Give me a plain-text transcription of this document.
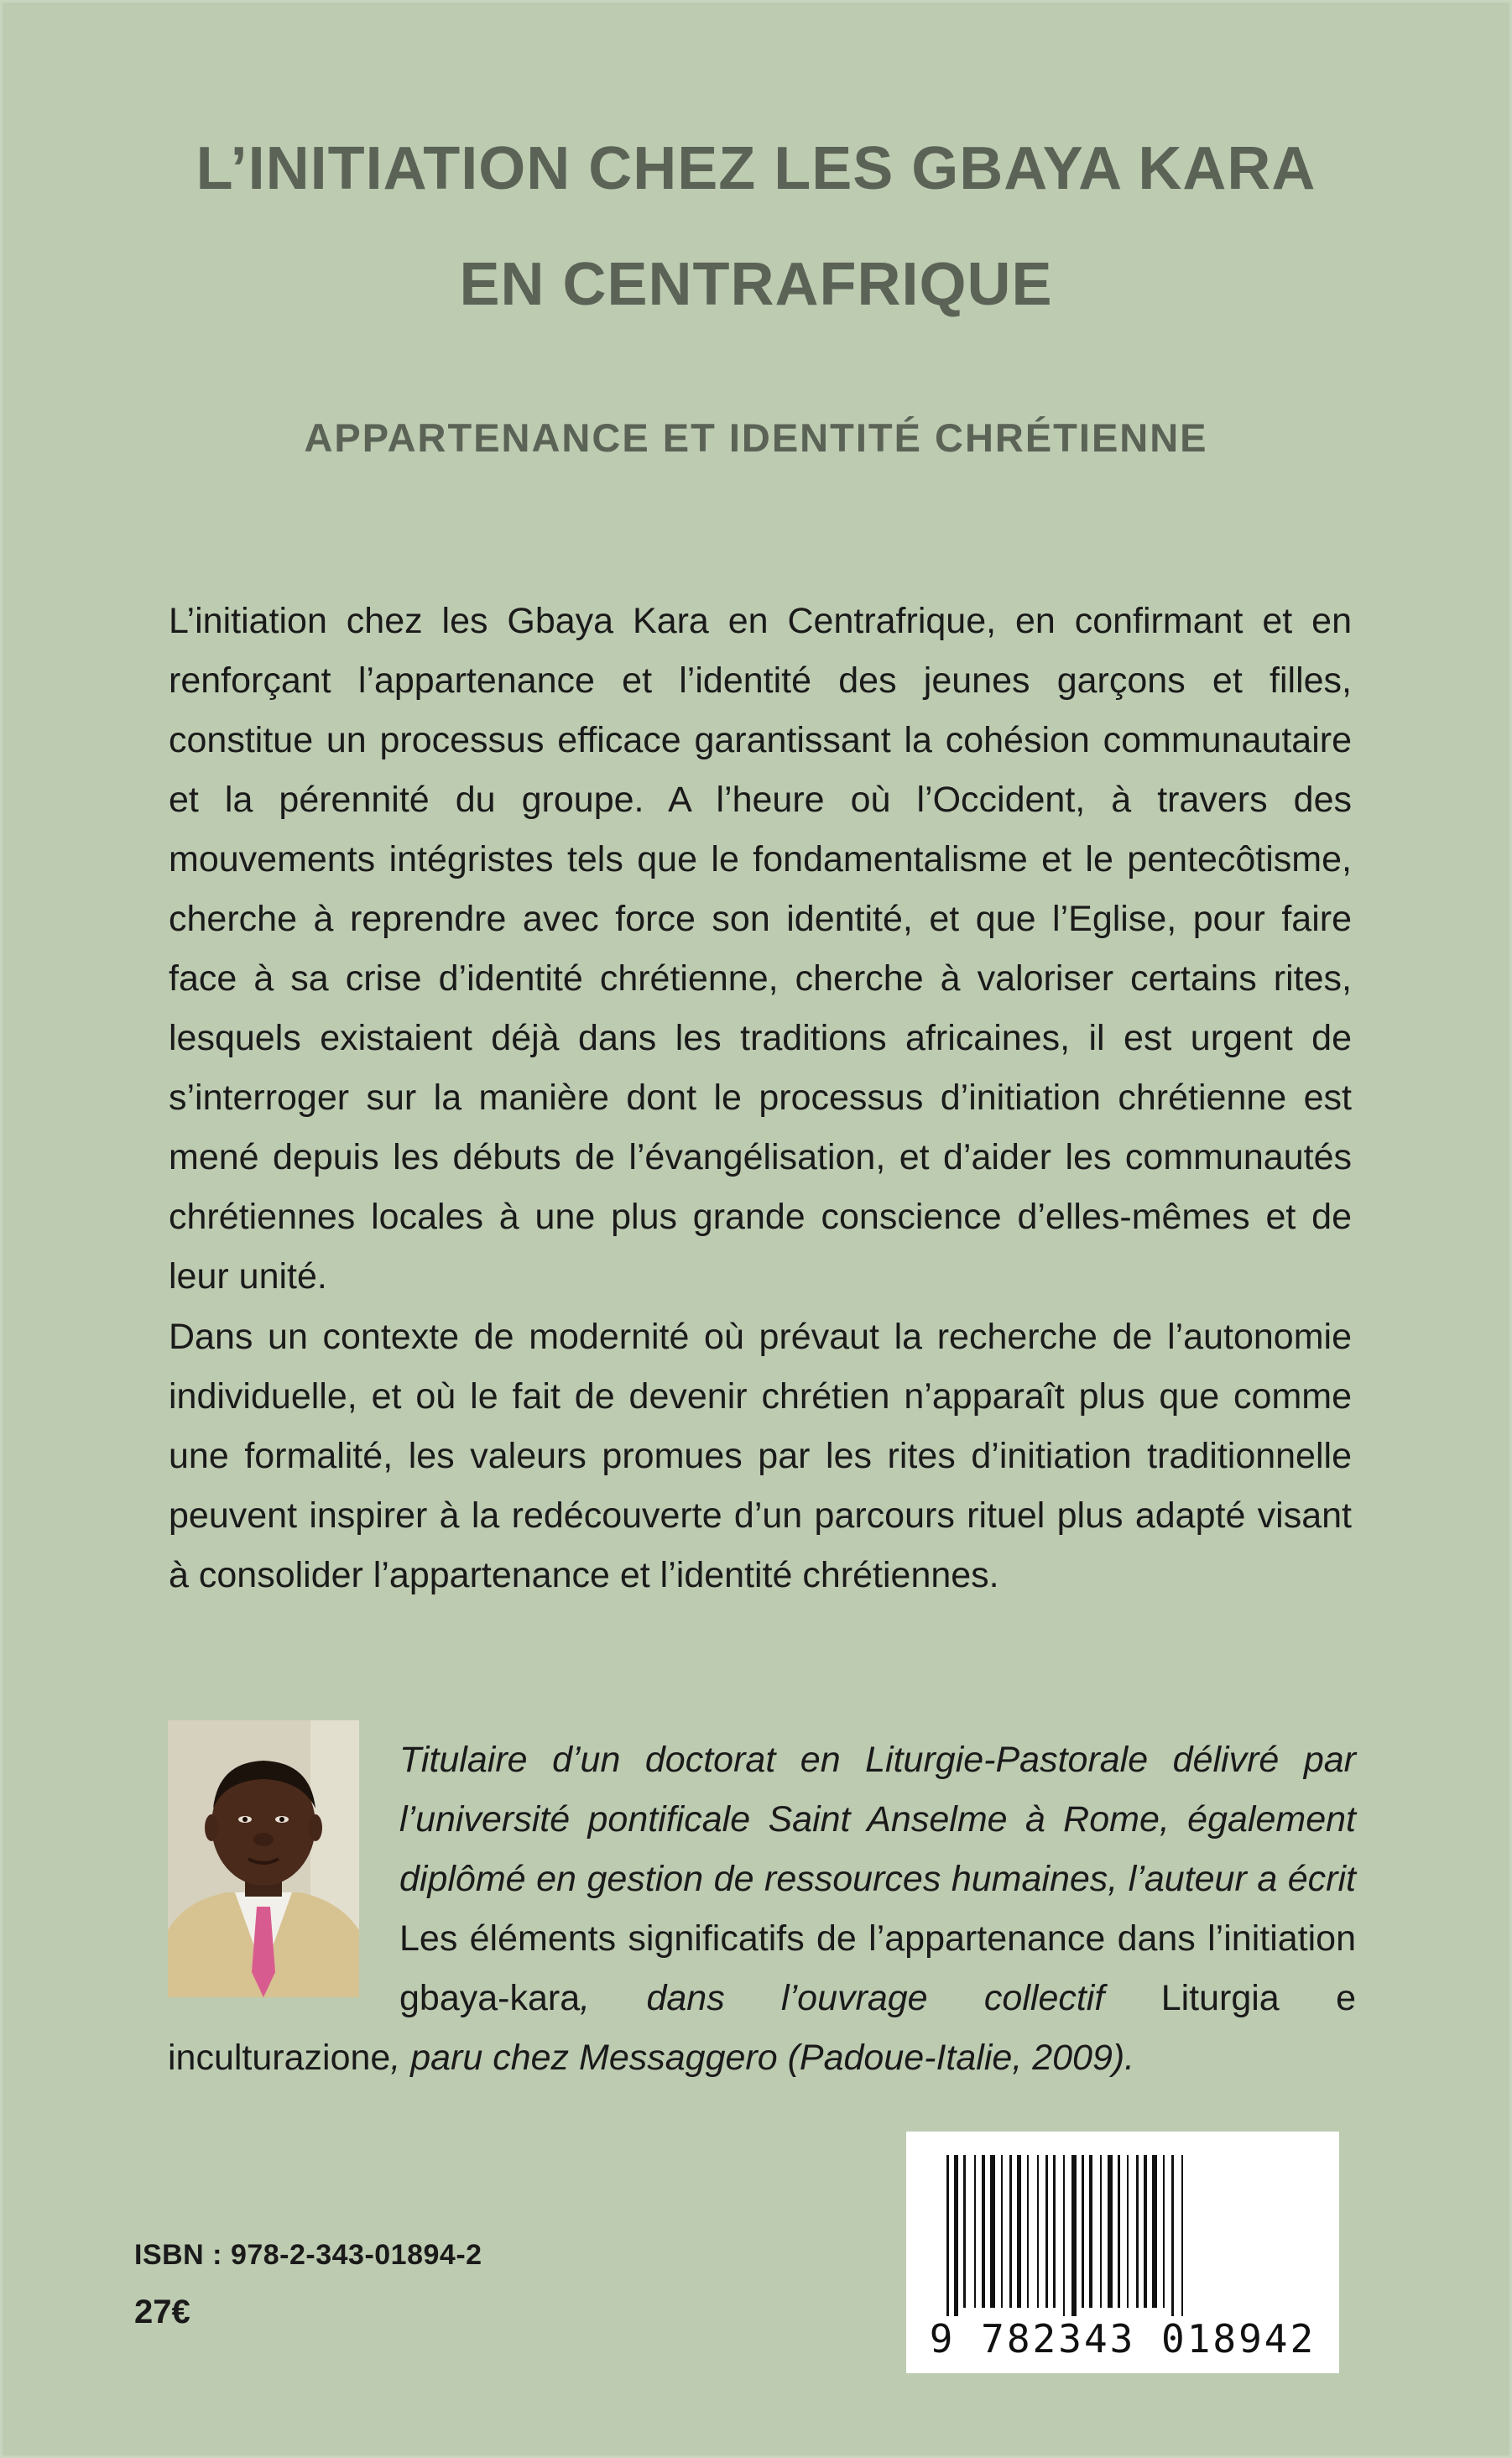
L’INITIATION CHEZ LES GBAYA KARA
EN CENTRAFRIQUE
APPARTENANCE ET IDENTITÉ CHRÉTIENNE

L’initiation chez les Gbaya Kara en Centrafrique, en confirmant et en renforçant l’appartenance et l’identité des jeunes garçons et filles, constitue un processus efficace garantissant la cohésion communautaire et la pérennité du groupe. A l’heure où l’Occident, à travers des mouvements intégristes tels que le fondamentalisme et le pentecôtisme, cherche à reprendre avec force son identité, et que l’Eglise, pour faire face à sa crise d’identité chrétienne, cherche à valoriser certains rites, lesquels existaient déjà dans les traditions africaines, il est urgent de s’interroger sur la manière dont le processus d’initiation chrétienne est mené depuis les débuts de l’évangélisation, et d’aider les communautés chrétiennes locales à une plus grande conscience d’elles-mêmes et de leur unité.

Dans un contexte de modernité où prévaut la recherche de l’autonomie individuelle, et où le fait de devenir chrétien n’apparaît plus que comme une formalité, les valeurs promues par les rites d’initiation traditionnelle peuvent inspirer à la redécouverte d’un parcours rituel plus adapté visant à consolider l’appartenance et l’identité chrétiennes.

Titulaire d’un doctorat en Liturgie-Pastorale délivré par l’université pontificale Saint Anselme à Rome, également diplômé en gestion de ressources humaines, l’auteur a écrit Les éléments significatifs de l’appartenance dans l’initiation gbaya-kara, dans l’ouvrage collectif Liturgia e inculturazione, paru chez Messaggero (Padoue-Italie, 2009).

ISBN : 978-2-343-01894-2

27€

9 782343 018942
